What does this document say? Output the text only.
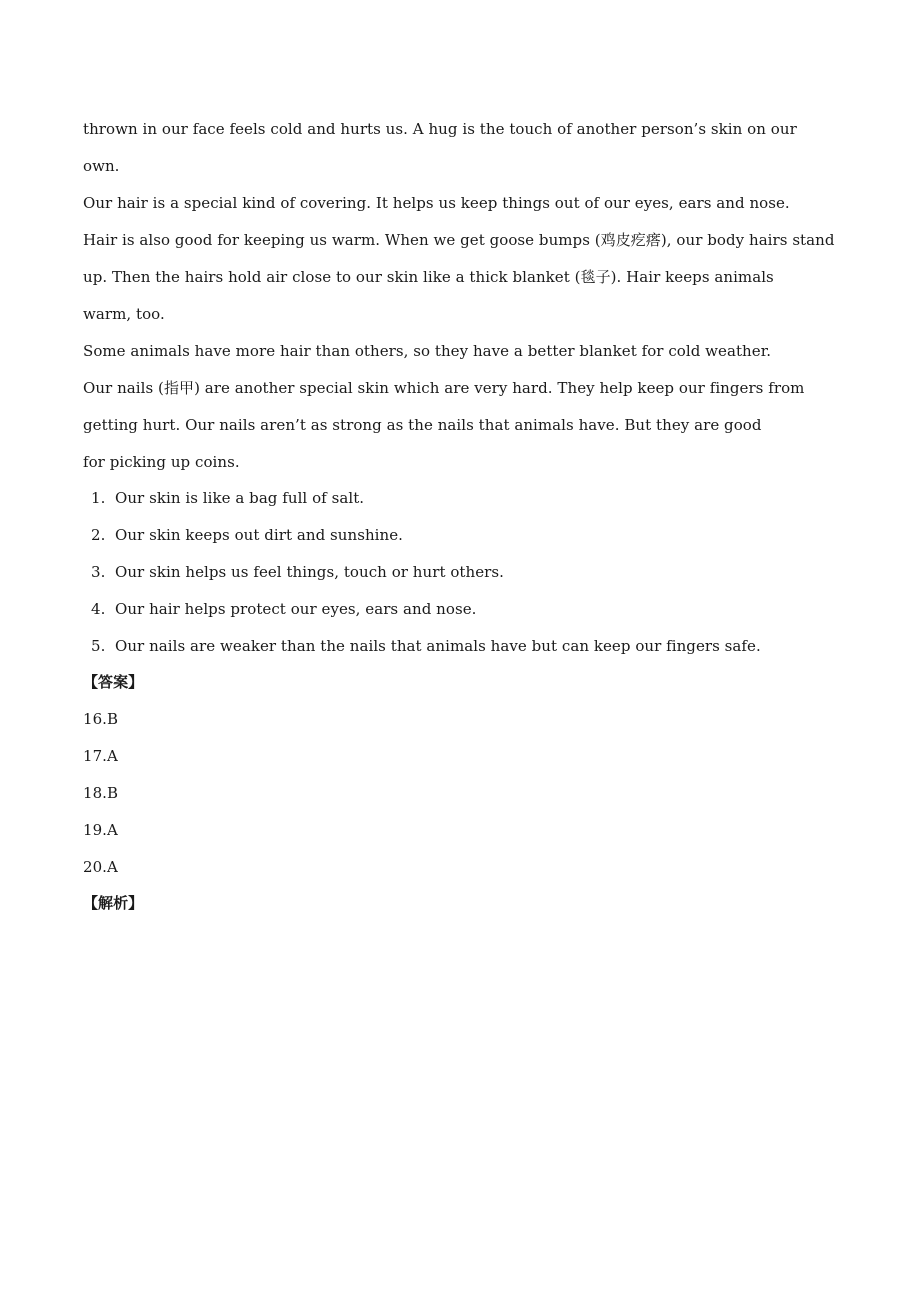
thrown in our face feels cold and hurts us. A hug is the touch of another person’s skin on our
own.
Our hair is a special kind of covering. It helps us keep things out of our eyes, ears and nose.
Hair is also good for keeping us warm. When we get goose bumps (鸡皮疙瘩), our body hairs stand
up. Then the hairs hold air close to our skin like a thick blanket (毯子). Hair keeps animals
warm, too.
Some animals have more hair than others, so they have a better blanket for cold weather.
Our nails (指甲) are another special skin which are very hard. They help keep our fingers from
getting hurt. Our nails aren’t as strong as the nails that animals have. But they are good
for picking up coins.
1. Our skin is like a bag full of salt.
2. Our skin keeps out dirt and sunshine.
3. Our skin helps us feel things, touch or hurt others.
4. Our hair helps protect our eyes, ears and nose.
5. Our nails are weaker than the nails that animals have but can keep our fingers safe.
【答案】
16.B
17.A
18.B
19.A
20.A
【解析】
